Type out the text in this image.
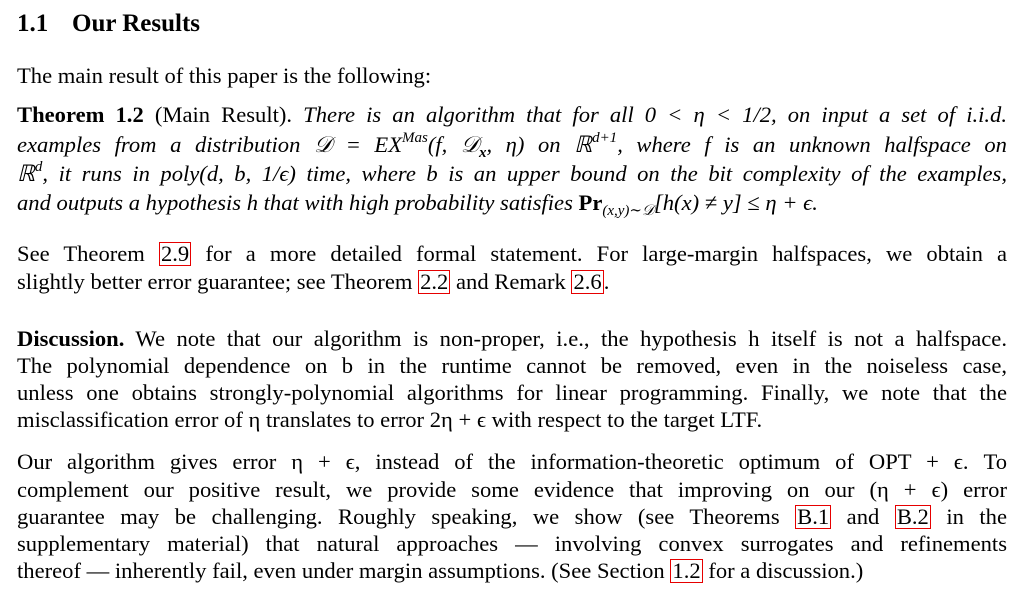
1.1 Our Results
The main result of this paper is the following:
Theorem 1.2 (Main Result). There is an algorithm that for all 0 < η < 1/2, on input a set of i.i.d.
examples from a distribution 𝒟 = $EX^{Mas}(f$, 𝒟$_x$, η) on ℝ$^{d+1}$, where f is an unknown halfspace on
ℝ$^d$, it runs in poly(d, b, 1/ϵ) time, where b is an upper bound on the bit complexity of the examples,
and outputs a hypothesis h that with high probability satisfies $Pr_{(x,y)\sim 𝒟}[h(x) \ne y] \le \eta + \epsilon$.
See Theorem 2.9 for a more detailed formal statement. For large-margin halfspaces, we obtain a
slightly better error guarantee; see Theorem 2.2 and Remark 2.6.
Discussion. We note that our algorithm is non-proper, i.e., the hypothesis h itself is not a halfspace.
The polynomial dependence on b in the runtime cannot be removed, even in the noiseless case,
unless one obtains strongly-polynomial algorithms for linear programming. Finally, we note that the
misclassification error of η translates to error 2η + ϵ with respect to the target LTF.
Our algorithm gives error η + ϵ, instead of the information-theoretic optimum of OPT + ϵ. To
complement our positive result, we provide some evidence that improving on our (η + ϵ) error
guarantee may be challenging. Roughly speaking, we show (see Theorems B.1 and B.2 in the
supplementary material) that natural approaches — involving convex surrogates and refinements
thereof — inherently fail, even under margin assumptions. (See Section 1.2 for a discussion.)
